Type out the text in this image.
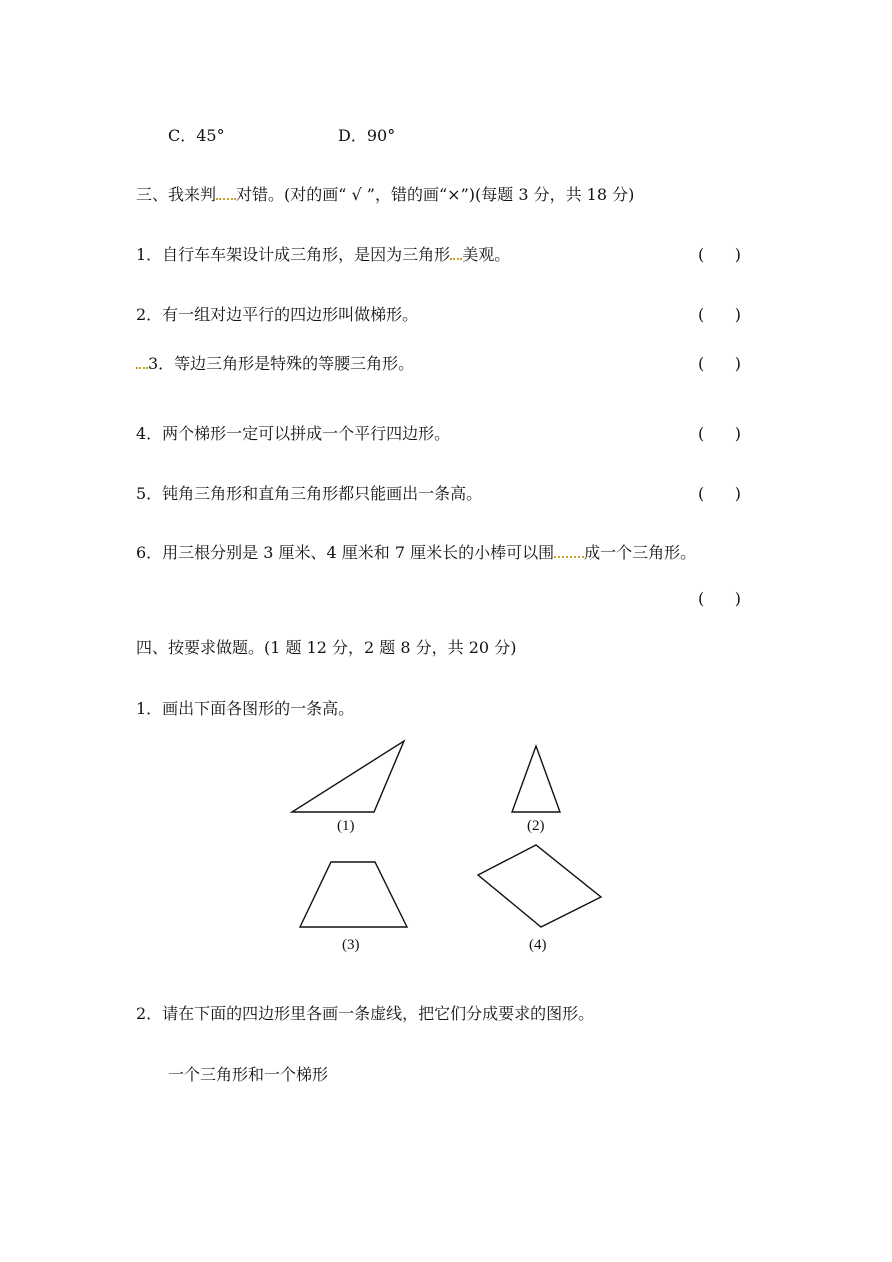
C．45°	D．90°
三、我来判 对错。(对的画“ √ ”，错的画“×”)(每题 3 分，共 18 分)
1．自行车车架设计成三角形，是因为三角形 美观。	(      )
2．有一组对边平行的四边形叫做梯形。	(      )
3．等边三角形是特殊的等腰三角形。	(      )
4．两个梯形一定可以拼成一个平行四边形。	(      )
5．钝角三角形和直角三角形都只能画出一条高。	(      )
6．用三根分别是 3 厘米、4 厘米和 7 厘米长的小棒可以围 成一个三角形。
(      )
四、按要求做题。(1 题 12 分，2 题 8 分，共 20 分)
1．画出下面各图形的一条高。
(1)	(2)
(3)	(4)
2．请在下面的四边形里各画一条虚线，把它们分成要求的图形。
一个三角形和一个梯形
